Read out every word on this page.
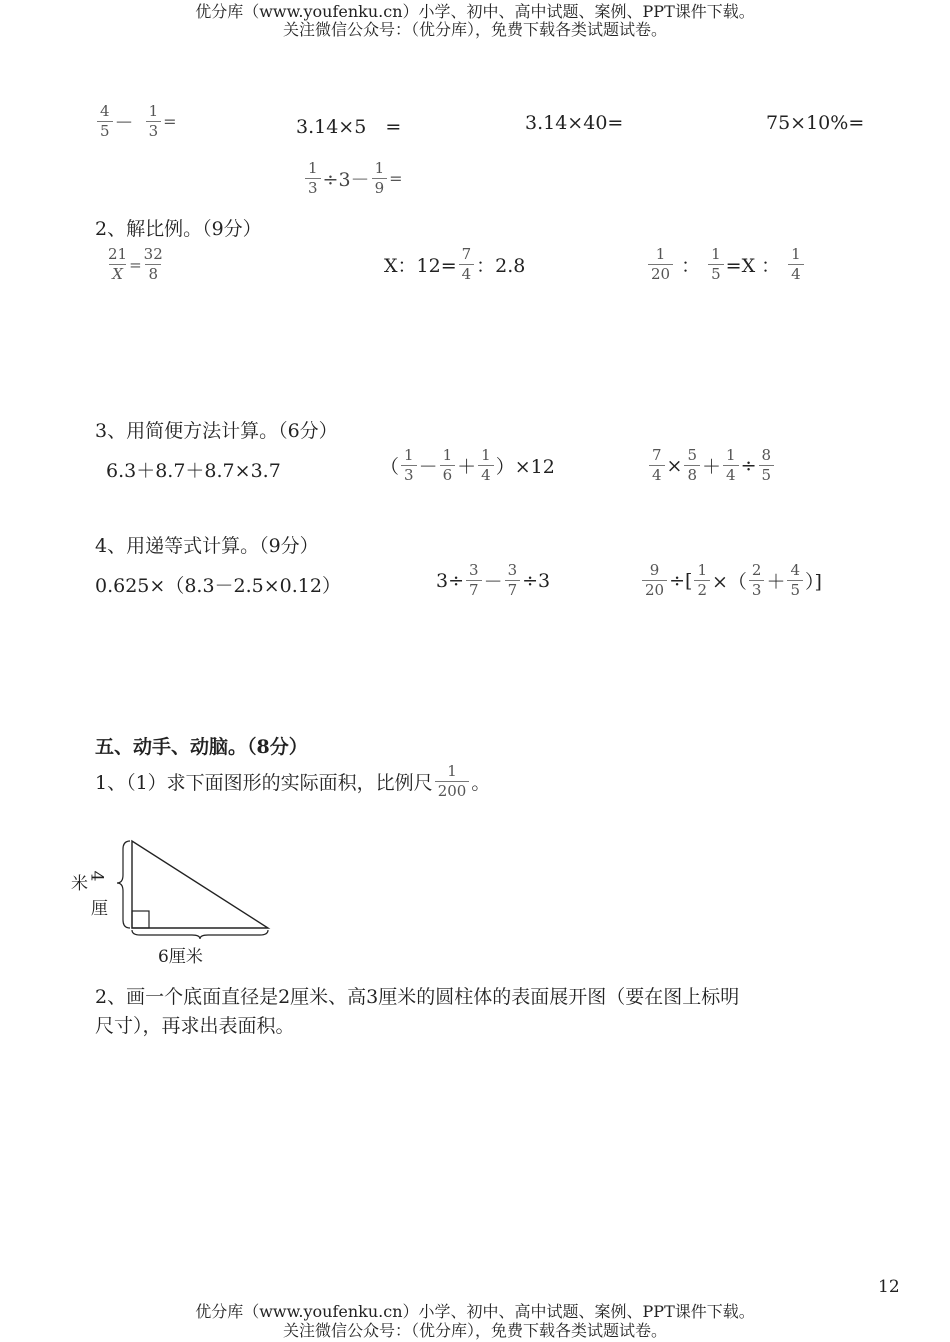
优分库（www.youfenku.cn）小学、初中、高中试题、案例、PPT课件下载。
关注微信公众号：（优分库），免费下载各类试题试卷。
$\frac{4}{5} - \frac{1}{3}$ =	3.14×5　=	3.14×40=	75×10%=
$\frac{1}{3} \div 3- \frac{1}{9}$ =
2、解比例。（9分）
$\frac{21}{X} = \frac{32}{8}$	X：$12= \frac{7}{4}$ ：2.8	$\frac{1}{20}$ ： $\frac{1}{5} =X$ ： $\frac{1}{4}$
3、用简便方法计算。（6分）
6.3＋8.7＋8.7×3.7	（ $\frac{1}{3} - \frac{1}{6} + \frac{1}{4} )\times 12$	$\frac{7}{4} \times \frac{5}{8} + \frac{1}{4} \div \frac{8}{5}$
4、用递等式计算。（9分）
0.625×（8.3－2.5×0.12）	$3\div \frac{3}{7} - \frac{3}{7} \div 3$	$\frac{9}{20}$ ÷[ $\frac{1}{2}$ ×（ $\frac{2}{3} + \frac{4}{5}$ ）]
五、动手、动脑。（8分）
1、（1）求下面图形的实际面积，比例尺 $\frac{1}{200}$ 。
4
米
厘
6厘米
2、画一个底面直径是2厘米、高3厘米的圆柱体的表面展开图（要在图上标明
尺寸），再求出表面积。
12
优分库（www.youfenku.cn）小学、初中、高中试题、案例、PPT课件下载。
关注微信公众号：（优分库），免费下载各类试题试卷。
